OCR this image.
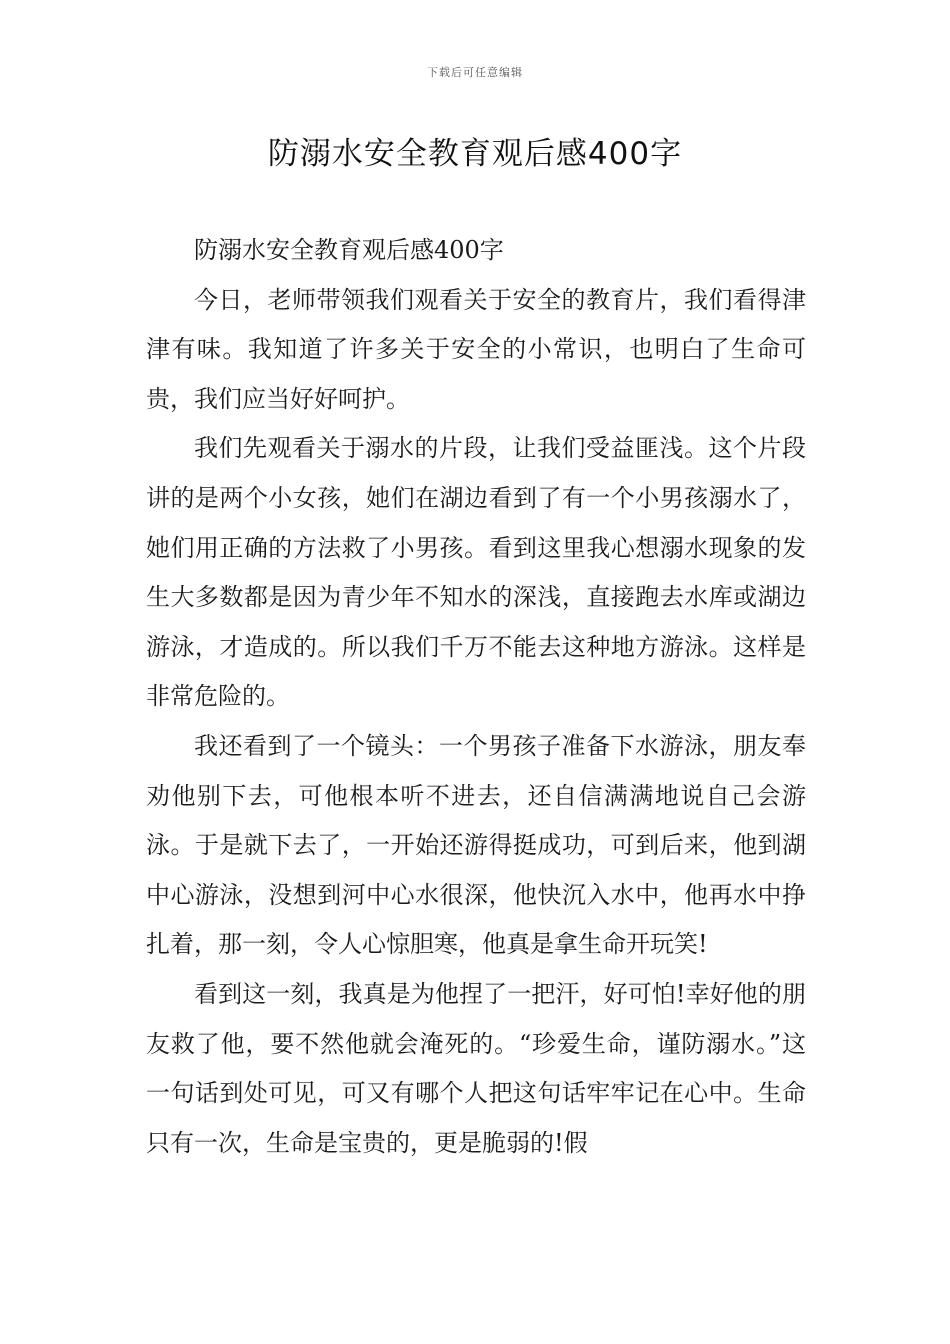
下载后可任意编辑
防溺水安全教育观后感400字

防溺水安全教育观后感400字

今日，老师带领我们观看关于安全的教育片，我们看得津津有味。我知道了许多关于安全的小常识，也明白了生命可贵，我们应当好好呵护。

我们先观看关于溺水的片段，让我们受益匪浅。这个片段讲的是两个小女孩，她们在湖边看到了有一个小男孩溺水了，她们用正确的方法救了小男孩。看到这里我心想溺水现象的发生大多数都是因为青少年不知水的深浅，直接跑去水库或湖边游泳，才造成的。所以我们千万不能去这种地方游泳。这样是非常危险的。

我还看到了一个镜头：一个男孩子准备下水游泳，朋友奉劝他别下去，可他根本听不进去，还自信满满地说自己会游泳。于是就下去了，一开始还游得挺成功，可到后来，他到湖中心游泳，没想到河中心水很深，他快沉入水中，他再水中挣扎着，那一刻，令人心惊胆寒，他真是拿生命开玩笑!

看到这一刻，我真是为他捏了一把汗，好可怕!幸好他的朋友救了他，要不然他就会淹死的。“珍爱生命，谨防溺水。”这一句话到处可见，可又有哪个人把这句话牢牢记在心中。生命只有一次，生命是宝贵的，更是脆弱的!假
